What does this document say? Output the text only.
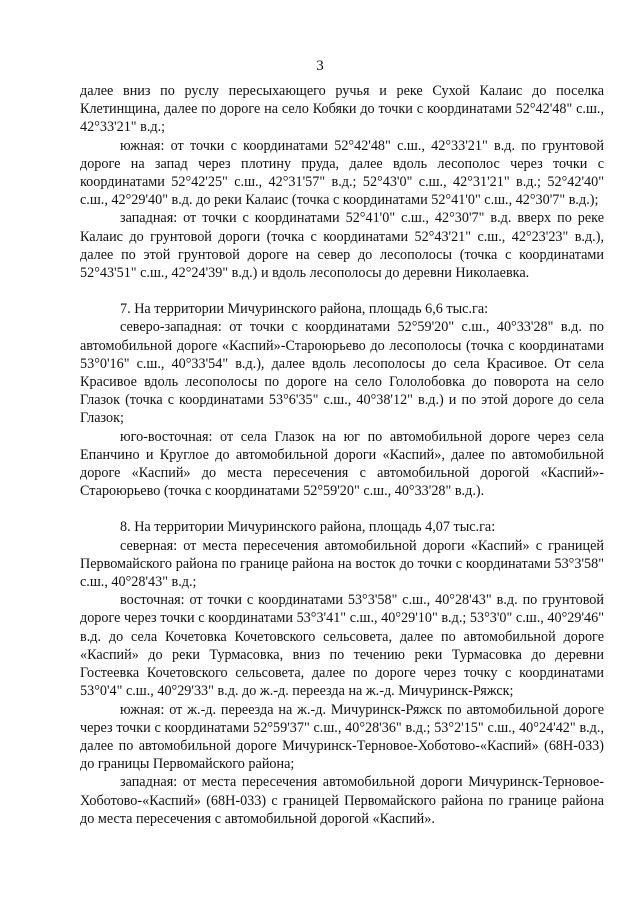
3

далее вниз по руслу пересыхающего ручья и реке Сухой Калаис до поселка Клетинщина, далее по дороге на село Кобяки до точки с координатами 52°42'48" с.ш., 42°33'21" в.д.;

южная: от точки с координатами 52°42'48" с.ш., 42°33'21" в.д. по грунтовой дороге на запад через плотину пруда, далее вдоль лесополос через точки с координатами 52°42'25" с.ш., 42°31'57" в.д.; 52°43'0" с.ш., 42°31'21" в.д.; 52°42'40" с.ш., 42°29'40" в.д. до реки Калаис (точка с координатами 52°41'0" с.ш., 42°30'7" в.д.);

западная: от точки с координатами 52°41'0" с.ш., 42°30'7" в.д. вверх по реке Калаис до грунтовой дороги (точка с координатами 52°43'21" с.ш., 42°23'23" в.д.), далее по этой грунтовой дороге на север до лесополосы (точка с координатами 52°43'51" с.ш., 42°24'39" в.д.) и вдоль лесополосы до деревни Николаевка.

7. На территории Мичуринского района, площадь 6,6 тыс.га:

северо-западная: от точки с координатами 52°59'20" с.ш., 40°33'28" в.д. по автомобильной дороге «Каспий»-Староюрьево до лесополосы (точка с координатами 53°0'16" с.ш., 40°33'54" в.д.), далее вдоль лесополосы до села Красивое. От села Красивое вдоль лесополосы по дороге на село Гололобовка до поворота на село Глазок (точка с координатами 53°6'35" с.ш., 40°38'12" в.д.) и по этой дороге до села Глазок;

юго-восточная: от села Глазок на юг по автомобильной дороге через села Епанчино и Круглое до автомобильной дороги «Каспий», далее по автомобильной дороге «Каспий» до места пересечения с автомобильной дорогой «Каспий»-Староюрьево (точка с координатами 52°59'20" с.ш., 40°33'28" в.д.).

8. На территории Мичуринского района, площадь 4,07 тыс.га:

северная: от места пересечения автомобильной дороги «Каспий» с границей Первомайского района по границе района на восток до точки с координатами 53°3'58" с.ш., 40°28'43" в.д.;

восточная: от точки с координатами 53°3'58" с.ш., 40°28'43" в.д. по грунтовой дороге через точки с координатами 53°3'41" с.ш., 40°29'10" в.д.; 53°3'0" с.ш., 40°29'46" в.д. до села Кочетовка Кочетовского сельсовета, далее по автомобильной дороге «Каспий» до реки Турмасовка, вниз по течению реки Турмасовка до деревни Гостеевка Кочетовского сельсовета, далее по дороге через точку с координатами 53°0'4" с.ш., 40°29'33" в.д. до ж.-д. переезда на ж.-д. Мичуринск-Ряжск;

южная: от ж.-д. переезда на ж.-д. Мичуринск-Ряжск по автомобильной дороге через точки с координатами 52°59'37" с.ш., 40°28'36" в.д.; 53°2'15" с.ш., 40°24'42" в.д., далее по автомобильной дороге Мичуринск-Терновое-Хоботово-«Каспий» (68Н-033) до границы Первомайского района;

западная: от места пересечения автомобильной дороги Мичуринск-Терновое-Хоботово-«Каспий» (68Н-033) с границей Первомайского района по границе района до места пересечения с автомобильной дорогой «Каспий».
